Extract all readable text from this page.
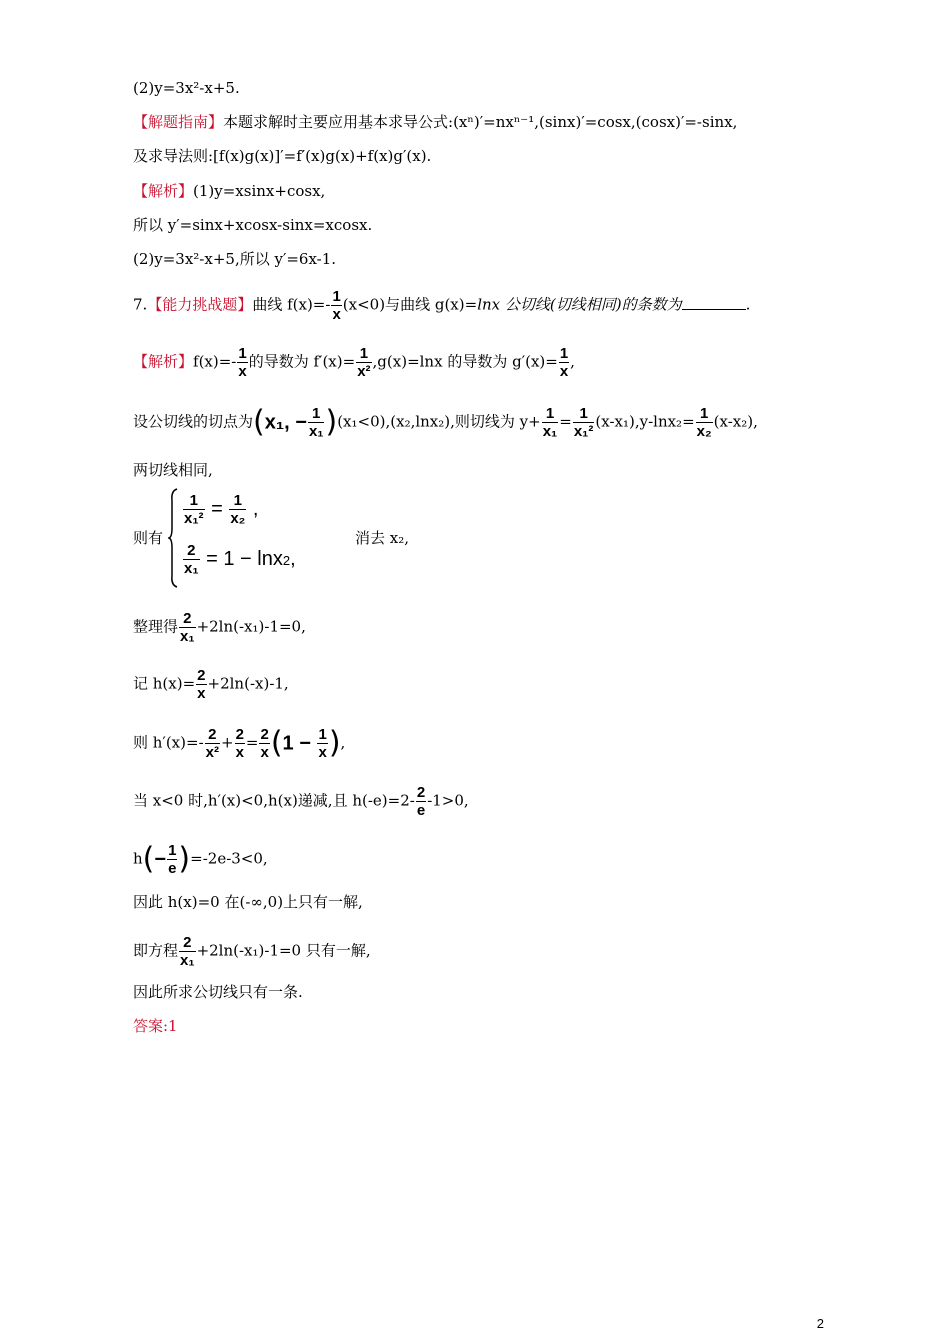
(2)y=3x²-x+5.
【解题指南】本题求解时主要应用基本求导公式:(xⁿ)′=nxⁿ⁻¹,(sinx)′=cosx,(cosx)′=-sinx,
及求导法则:[f(x)g(x)]′=f′(x)g(x)+f(x)g′(x).
【解析】(1)y=xsinx+cosx,
所以 y′=sinx+xcosx-sinx=xcosx.
(2)y=3x²-x+5,所以 y′=6x-1.
7.【能力挑战题】曲线 $f(x)=- \frac{1}{x} (x<0)$与曲线 g(x)=lnx 公切线(切线相同)的条数为	.
【解析】$f(x)=- \frac{1}{x}$ 的导数为 $f'(x)= \frac{1}{\text{x²}} ,g(x)=\ln x$ 的导数为 $g'(x)= \frac{1}{x}$ ,
设公切线的切点为(x₁, − $\frac{1}{\text{x₁}} )(x_1<0),(x_2,\ln x_2)$,则切线为 $y+ \frac{1}{\text{x₁}} = \frac{1}{\text{x₁²}} (x-x_1),y-\ln x_2= \frac{1}{\text{x₂}} (x-x_2)$,
两切线相同,
则有
$\frac{1}{\text{x₁²}} = \frac{1}{\text{x₂}}$ ,
$\frac{2}{\text{x₁}} = 1 - \ln x2$,
消去 x₂,
整理得 $\frac{2}{\text{x₁}} +2\ln(-x_1)-1=0$,
记 $h(x)= \frac{2}{x} +2\ln(-x)-1$,
则 $h'(x)=- \frac{2}{\text{x²}} + \frac{2}{x} = \frac{2}{x} (1 - \frac{1}{x}$ ),
当 x<0 时,h′(x)<0,h(x)递减,且 $h(-e)=2- \frac{2}{e} -1>0$,
$h(- \frac{1}{e} )=-2e-3<0$,
因此 h(x)=0 在(-∞,0)上只有一解,
即方程 $\frac{2}{\text{x₁}} +2\ln(-x_1)-1=0$ 只有一解,
因此所求公切线只有一条.
答案:1
2
